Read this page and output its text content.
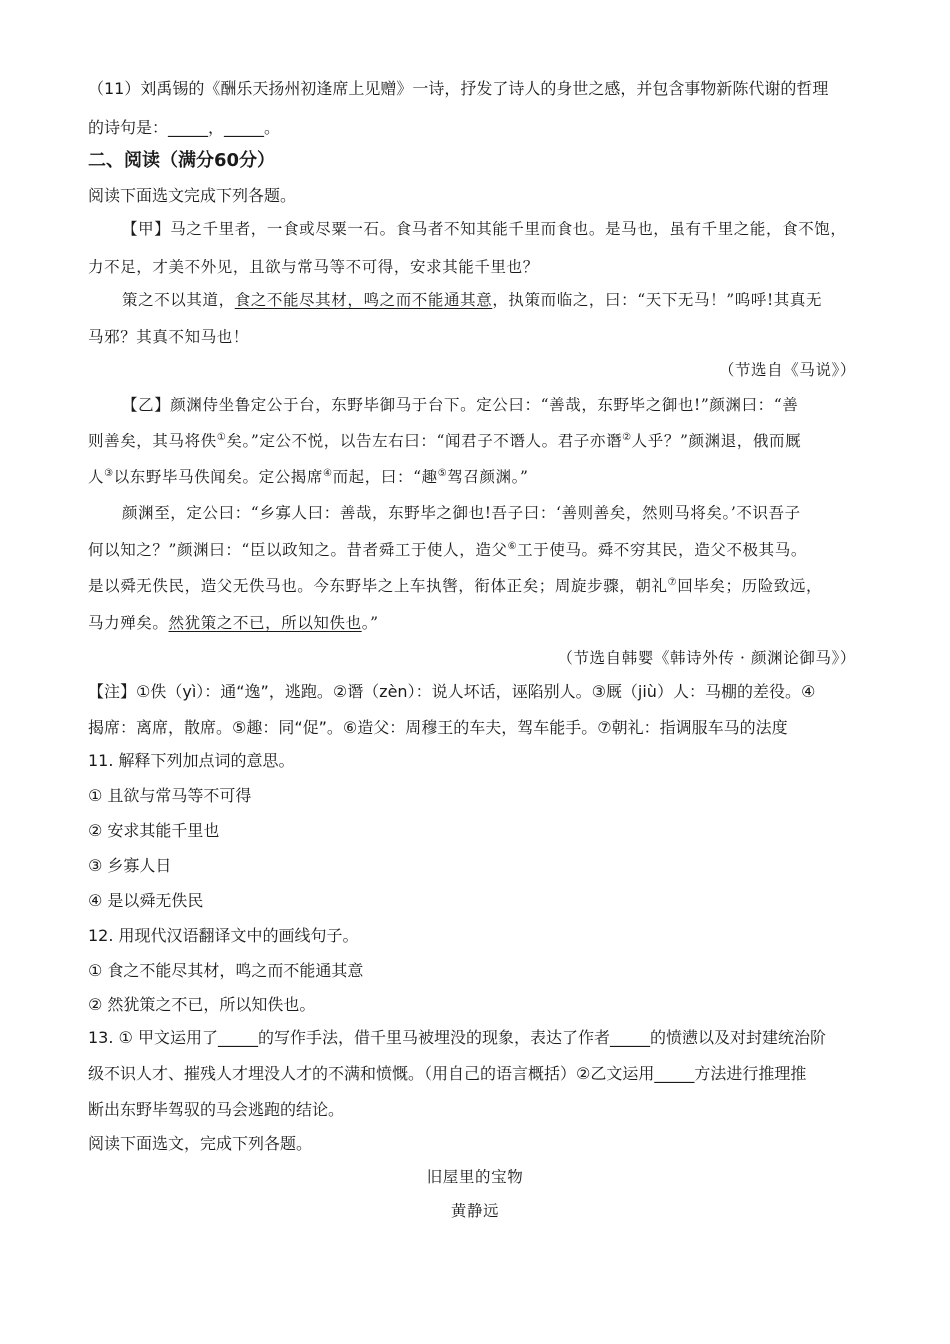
（11）刘禹锡的《酬乐天扬州初逢席上见赠》一诗，抒发了诗人的身世之感，并包含事物新陈代谢的哲理
的诗句是：_____，_____。
二、阅读（满分60分）
阅读下面选文完成下列各题。
【甲】马之千里者，一食或尽粟一石。食马者不知其能千里而食也。是马也，虽有千里之能，食不饱，
力不足，才美不外见，且欲与常马等不可得，安求其能千里也？
策之不以其道，食之不能尽其材，鸣之而不能通其意，执策而临之，曰：“天下无马！”呜呼!其真无
马邪？其真不知马也！
（节选自《马说》）
【乙】颜渊侍坐鲁定公于台，东野毕御马于台下。定公曰：“善哉，东野毕之御也!”颜渊曰：“善
则善矣，其马将佚①矣。”定公不悦，以告左右曰：“闻君子不谮人。君子亦谮②人乎？”颜渊退，俄而厩
人③以东野毕马佚闻矣。定公揭席④而起，曰：“趣⑤驾召颜渊。”
颜渊至，定公曰：“乡寡人曰：善哉，东野毕之御也!吾子曰：‘善则善矣，然则马将矣。’不识吾子
何以知之？”颜渊曰：“臣以政知之。昔者舜工于使人，造父⑥工于使马。舜不穷其民，造父不极其马。
是以舜无佚民，造父无佚马也。今东野毕之上车执辔，衔体正矣；周旋步骤，朝礼⑦回毕矣；历险致远，
马力殚矣。然犹策之不已，所以知佚也。”
（节选自韩婴《韩诗外传 · 颜渊论御马》）
【注】①佚（yì）：通“逸”，逃跑。②谮（zèn）：说人坏话，诬陷别人。③厩（jiù）人：马棚的差役。④
揭席：离席，散席。⑤趣：同“促”。⑥造父：周穆王的车夫，驾车能手。⑦朝礼：指调服车马的法度
11. 解释下列加点词的意思。
① 且欲与常马等不可得
② 安求其能千里也
③ 乡寡人日
④ 是以舜无佚民
12. 用现代汉语翻译文中的画线句子。
① 食之不能尽其材，鸣之而不能通其意
② 然犹策之不已，所以知佚也。
13. ① 甲文运用了_____的写作手法，借千里马被埋没的现象，表达了作者_____的愤懑以及对封建统治阶
级不识人才、摧残人才埋没人才的不满和愤慨。（用自己的语言概括）②乙文运用_____方法进行推理推
断出东野毕驾驭的马会逃跑的结论。
阅读下面选文，完成下列各题。
旧屋里的宝物
黄静远
